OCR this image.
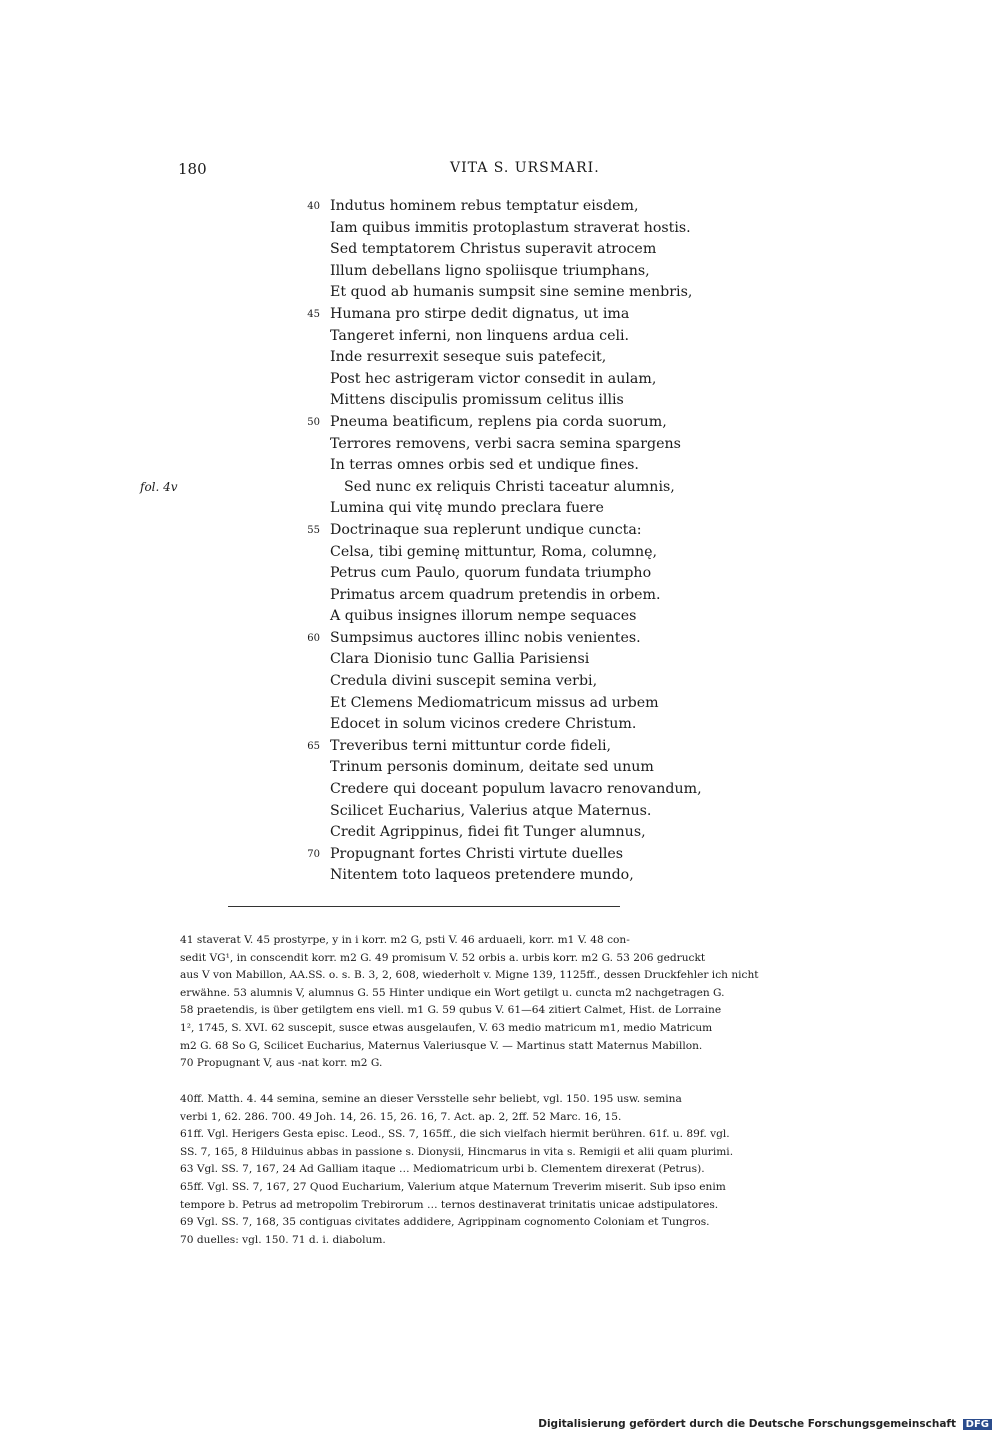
180	VITA S. URSMARI.
fol. 4v
40 Indutus hominem rebus temptatur eisdem,
Iam quibus immitis protoplastum straverat hostis.
Sed temptatorem Christus superavit atrocem
Illum debellans ligno spoliisque triumphans,
Et quod ab humanis sumpsit sine semine menbris,
45 Humana pro stirpe dedit dignatus, ut ima
Tangeret inferni, non linquens ardua celi.
Inde resurrexit seseque suis patefecit,
Post hec astrigeram victor consedit in aulam,
Mittens discipulis promissum celitus illis
50 Pneuma beatificum, replens pia corda suorum,
Terrores removens, verbi sacra semina spargens
In terras omnes orbis sed et undique fines.
Sed nunc ex reliquis Christi taceatur alumnis,
Lumina qui vitę mundo preclara fuere
55 Doctrinaque sua replerunt undique cuncta:
Celsa, tibi geminę mittuntur, Roma, columnę,
Petrus cum Paulo, quorum fundata triumpho
Primatus arcem quadrum pretendis in orbem.
A quibus insignes illorum nempe sequaces
60 Sumpsimus auctores illinc nobis venientes.
Clara Dionisio tunc Gallia Parisiensi
Credula divini suscepit semina verbi,
Et Clemens Mediomatricum missus ad urbem
Edocet in solum vicinos credere Christum.
65 Treveribus terni mittuntur corde fideli,
Trinum personis dominum, deitate sed unum
Credere qui doceant populum lavacro renovandum,
Scilicet Eucharius, Valerius atque Maternus.
Credit Agrippinus, fidei fit Tunger alumnus,
70 Propugnant fortes Christi virtute duelles
Nitentem toto laqueos pretendere mundo,
41 staverat V. 45 prostyrpe, y in i korr. m2 G, psti V. 46 arduaeli, korr. m1 V. 48 con-
sedit VG¹, in conscendit korr. m2 G. 49 promisum V. 52 orbis a. urbis korr. m2 G. 53 206 gedruckt
aus V von Mabillon, AA.SS. o. s. B. 3, 2, 608, wiederholt v. Migne 139, 1125ff., dessen Druckfehler ich nicht
erwähne. 53 alumnis V, alumnus G. 55 Hinter undique ein Wort getilgt u. cuncta m2 nachgetragen G.
58 praetendis, is über getilgtem ens viell. m1 G. 59 qubus V. 61—64 zitiert Calmet, Hist. de Lorraine
1², 1745, S. XVI. 62 suscepit, susce etwas ausgelaufen, V. 63 medio matricum m1, medio Matricum
m2 G. 68 So G, Scilicet Eucharius, Maternus Valeriusque V. — Martinus statt Maternus Mabillon.
70 Propugnant V, aus -nat korr. m2 G.
40ff. Matth. 4. 44 semina, semine an dieser Versstelle sehr beliebt, vgl. 150. 195 usw. semina
verbi 1, 62. 286. 700. 49 Joh. 14, 26. 15, 26. 16, 7. Act. ap. 2, 2ff. 52 Marc. 16, 15.
61ff. Vgl. Herigers Gesta episc. Leod., SS. 7, 165ff., die sich vielfach hiermit berühren. 61f. u. 89f. vgl.
SS. 7, 165, 8 Hilduinus abbas in passione s. Dionysii, Hincmarus in vita s. Remigii et alii quam plurimi.
63 Vgl. SS. 7, 167, 24 Ad Galliam itaque … Mediomatricum urbi b. Clementem direxerat (Petrus).
65ff. Vgl. SS. 7, 167, 27 Quod Eucharium, Valerium atque Maternum Treverim miserit. Sub ipso enim
tempore b. Petrus ad metropolim Trebirorum … ternos destinaverat trinitatis unicae adstipulatores.
69 Vgl. SS. 7, 168, 35 contiguas civitates addidere, Agrippinam cognomento Coloniam et Tungros.
70 duelles: vgl. 150. 71 d. i. diabolum.
Digitalisierung gefördert durch die Deutsche Forschungsgemeinschaft DFG
